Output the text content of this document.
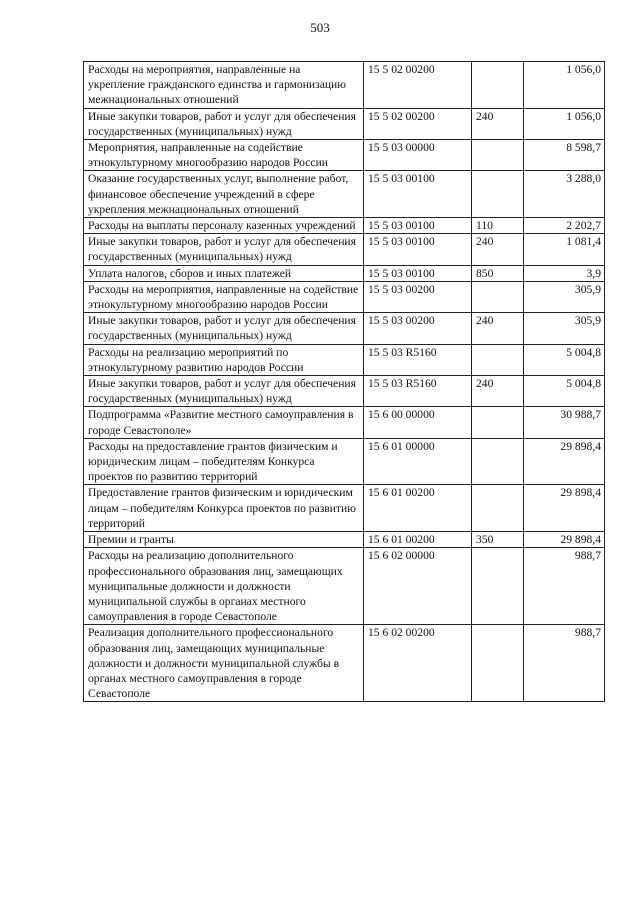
503
Расходы на мероприятия, направленные на укрепление гражданского единства и гармонизацию межнациональных отношений	15 5 02 00200		1 056,0
Иные закупки товаров, работ и услуг для обеспечения государственных (муниципальных) нужд	15 5 02 00200	240	1 056,0
Мероприятия, направленные на содействие этнокультурному многообразию народов России	15 5 03 00000		8 598,7
Оказание государственных услуг, выполнение работ, финансовое обеспечение учреждений в сфере укрепления межнациональных отношений	15 5 03 00100		3 288,0
Расходы на выплаты персоналу казенных учреждений	15 5 03 00100	110	2 202,7
Иные закупки товаров, работ и услуг для обеспечения государственных (муниципальных) нужд	15 5 03 00100	240	1 081,4
Уплата налогов, сборов и иных платежей	15 5 03 00100	850	3,9
Расходы на мероприятия, направленные на содействие этнокультурному многообразию народов России	15 5 03 00200		305,9
Иные закупки товаров, работ и услуг для обеспечения государственных (муниципальных) нужд	15 5 03 00200	240	305,9
Расходы на реализацию мероприятий по этнокультурному развитию народов России	15 5 03 R5160		5 004,8
Иные закупки товаров, работ и услуг для обеспечения государственных (муниципальных) нужд	15 5 03 R5160	240	5 004,8
Подпрограмма «Развитие местного самоуправления в городе Севастополе»	15 6 00 00000		30 988,7
Расходы на предоставление грантов физическим и юридическим лицам – победителям Конкурса проектов по развитию территорий	15 6 01 00000		29 898,4
Предоставление грантов физическим и юридическим лицам – победителям Конкурса проектов по развитию территорий	15 6 01 00200		29 898,4
Премии и гранты	15 6 01 00200	350	29 898,4
Расходы на реализацию дополнительного профессионального образования лиц, замещающих муниципальные должности и должности муниципальной службы в органах местного самоуправления в городе Севастополе	15 6 02 00000		988,7
Реализация дополнительного профессионального образования лиц, замещающих муниципальные должности и должности муниципальной службы в органах местного самоуправления в городе Севастополе	15 6 02 00200		988,7
